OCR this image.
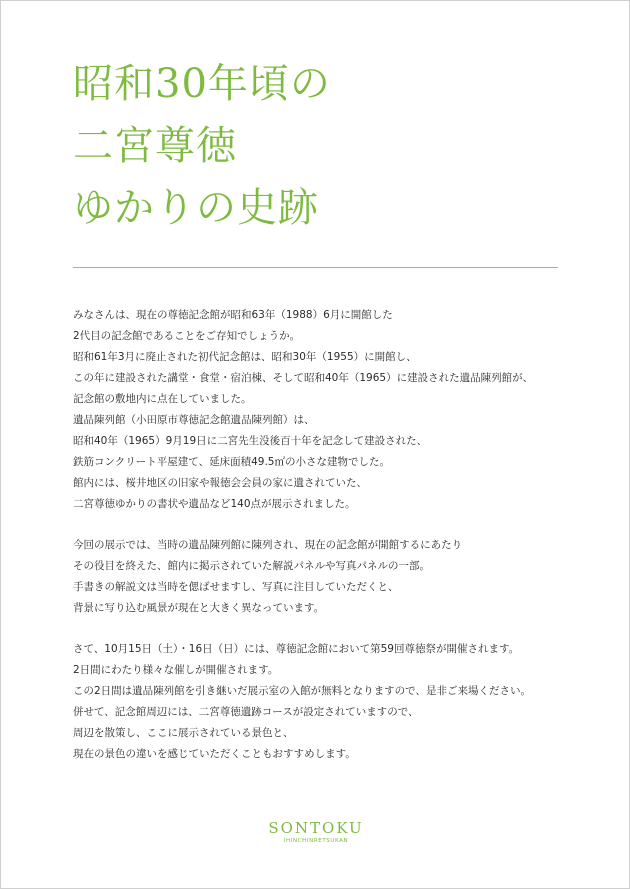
昭和30年頃の
二宮尊徳
ゆかりの史跡

みなさんは、現在の尊徳記念館が昭和63年（1988）6月に開館した
2代目の記念館であることをご存知でしょうか。
昭和61年3月に廃止された初代記念館は、昭和30年（1955）に開館し、
この年に建設された講堂・食堂・宿泊棟、そして昭和40年（1965）に建設された遺品陳列館が、
記念館の敷地内に点在していました。
遺品陳列館（小田原市尊徳記念館遺品陳列館）は、
昭和40年（1965）9月19日に二宮先生没後百十年を記念して建設された、
鉄筋コンクリート平屋建て、延床面積49.5㎡の小さな建物でした。
館内には、桜井地区の旧家や報徳会会員の家に遺されていた、
二宮尊徳ゆかりの書状や遺品など140点が展示されました。

今回の展示では、当時の遺品陳列館に陳列され、現在の記念館が開館するにあたり
その役目を終えた、館内に掲示されていた解説パネルや写真パネルの一部。
手書きの解説文は当時を偲ばせますし、写真に注目していただくと、
背景に写り込む風景が現在と大きく異なっています。

さて、10月15日（土）・16日（日）には、尊徳記念館において第59回尊徳祭が開催されます。
2日間にわたり様々な催しが開催されます。
この2日間は遺品陳列館を引き継いだ展示室の入館が無料となりますので、是非ご来場ください。
併せて、記念館周辺には、二宮尊徳遺跡コースが設定されていますので、
周辺を散策し、ここに展示されている景色と、
現在の景色の違いを感じていただくこともおすすめします。

SONTOKU
IHINCHINRETSUKAN
